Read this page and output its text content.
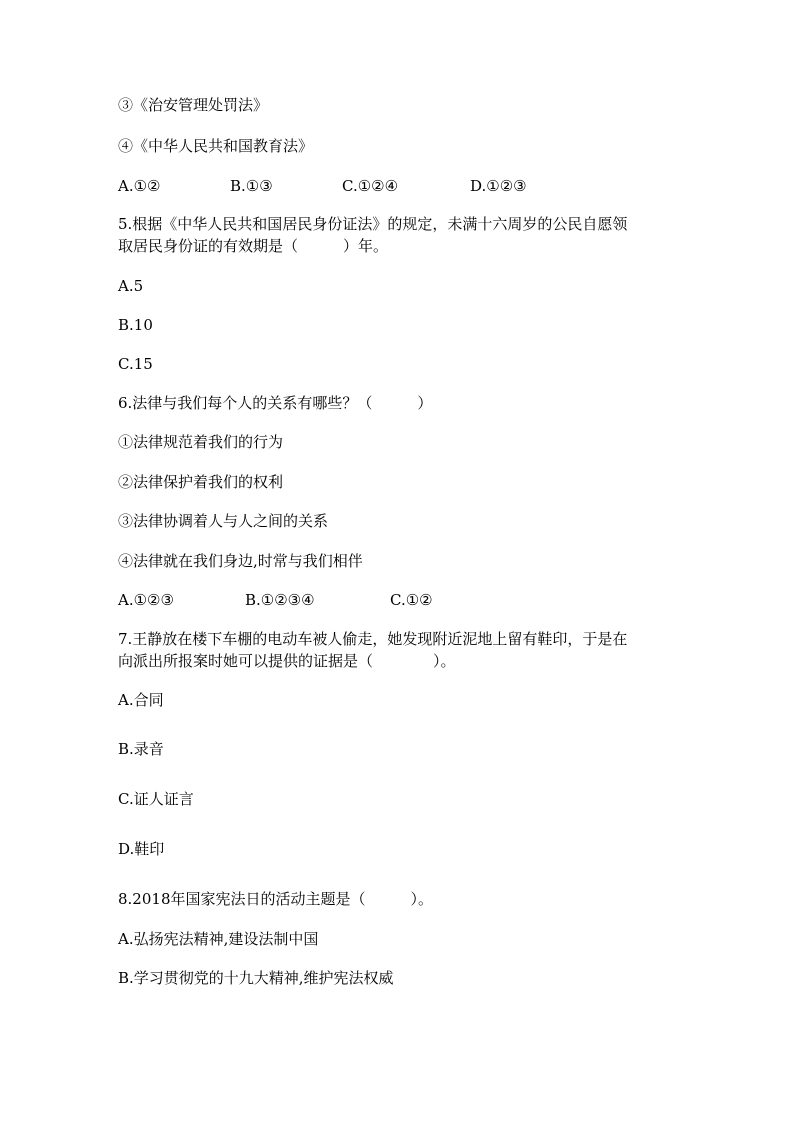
③《治安管理处罚法》
④《中华人民共和国教育法》
A.①②	B.①③	C.①②④	D.①②③
5.根据《中华人民共和国居民身份证法》的规定，未满十六周岁的公民自愿领
取居民身份证的有效期是（　　　）年。
A.5
B.10
C.15
6.法律与我们每个人的关系有哪些？（　　　）
①法律规范着我们的行为
②法律保护着我们的权利
③法律协调着人与人之间的关系
④法律就在我们身边,时常与我们相伴
A.①②③	B.①②③④	C.①②
7.王静放在楼下车棚的电动车被人偷走，她发现附近泥地上留有鞋印，于是在
向派出所报案时她可以提供的证据是（　　　　）。
A.合同
B.录音
C.证人证言
D.鞋印
8.2018年国家宪法日的活动主题是（　　　）。
A.弘扬宪法精神,建设法制中国
B.学习贯彻党的十九大精神,维护宪法权威
